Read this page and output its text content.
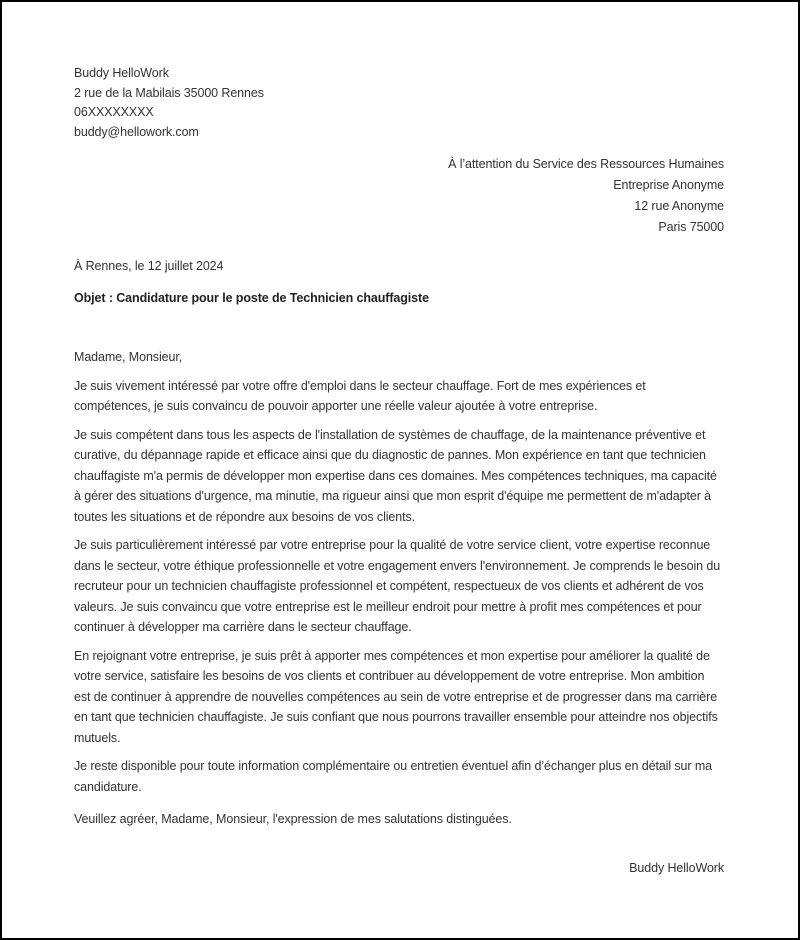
Buddy HelloWork
2 rue de la Mabilais 35000 Rennes
06XXXXXXXX
buddy@hellowork.com
À l’attention du Service des Ressources Humaines
Entreprise Anonyme
12 rue Anonyme
Paris 75000
À Rennes, le 12 juillet 2024
Objet : Candidature pour le poste de Technicien chauffagiste
Madame, Monsieur,

Je suis vivement intéressé par votre offre d'emploi dans le secteur chauffage. Fort de mes expériences et compétences, je suis convaincu de pouvoir apporter une réelle valeur ajoutée à votre entreprise.

Je suis compétent dans tous les aspects de l'installation de systèmes de chauffage, de la maintenance préventive et curative, du dépannage rapide et efficace ainsi que du diagnostic de pannes. Mon expérience en tant que technicien chauffagiste m'a permis de développer mon expertise dans ces domaines. Mes compétences techniques, ma capacité à gérer des situations d'urgence, ma minutie, ma rigueur ainsi que mon esprit d'équipe me permettent de m'adapter à toutes les situations et de répondre aux besoins de vos clients.

Je suis particulièrement intéressé par votre entreprise pour la qualité de votre service client, votre expertise reconnue dans le secteur, votre éthique professionnelle et votre engagement envers l'environnement. Je comprends le besoin du recruteur pour un technicien chauffagiste professionnel et compétent, respectueux de vos clients et adhérent de vos valeurs. Je suis convaincu que votre entreprise est le meilleur endroit pour mettre à profit mes compétences et pour continuer à développer ma carrière dans le secteur chauffage.

En rejoignant votre entreprise, je suis prêt à apporter mes compétences et mon expertise pour améliorer la qualité de votre service, satisfaire les besoins de vos clients et contribuer au développement de votre entreprise. Mon ambition est de continuer à apprendre de nouvelles compétences au sein de votre entreprise et de progresser dans ma carrière en tant que technicien chauffagiste. Je suis confiant que nous pourrons travailler ensemble pour atteindre nos objectifs mutuels.

Je reste disponible pour toute information complémentaire ou entretien éventuel afin d’échanger plus en détail sur ma candidature.

Veuillez agréer, Madame, Monsieur, l'expression de mes salutations distinguées.

Buddy HelloWork
